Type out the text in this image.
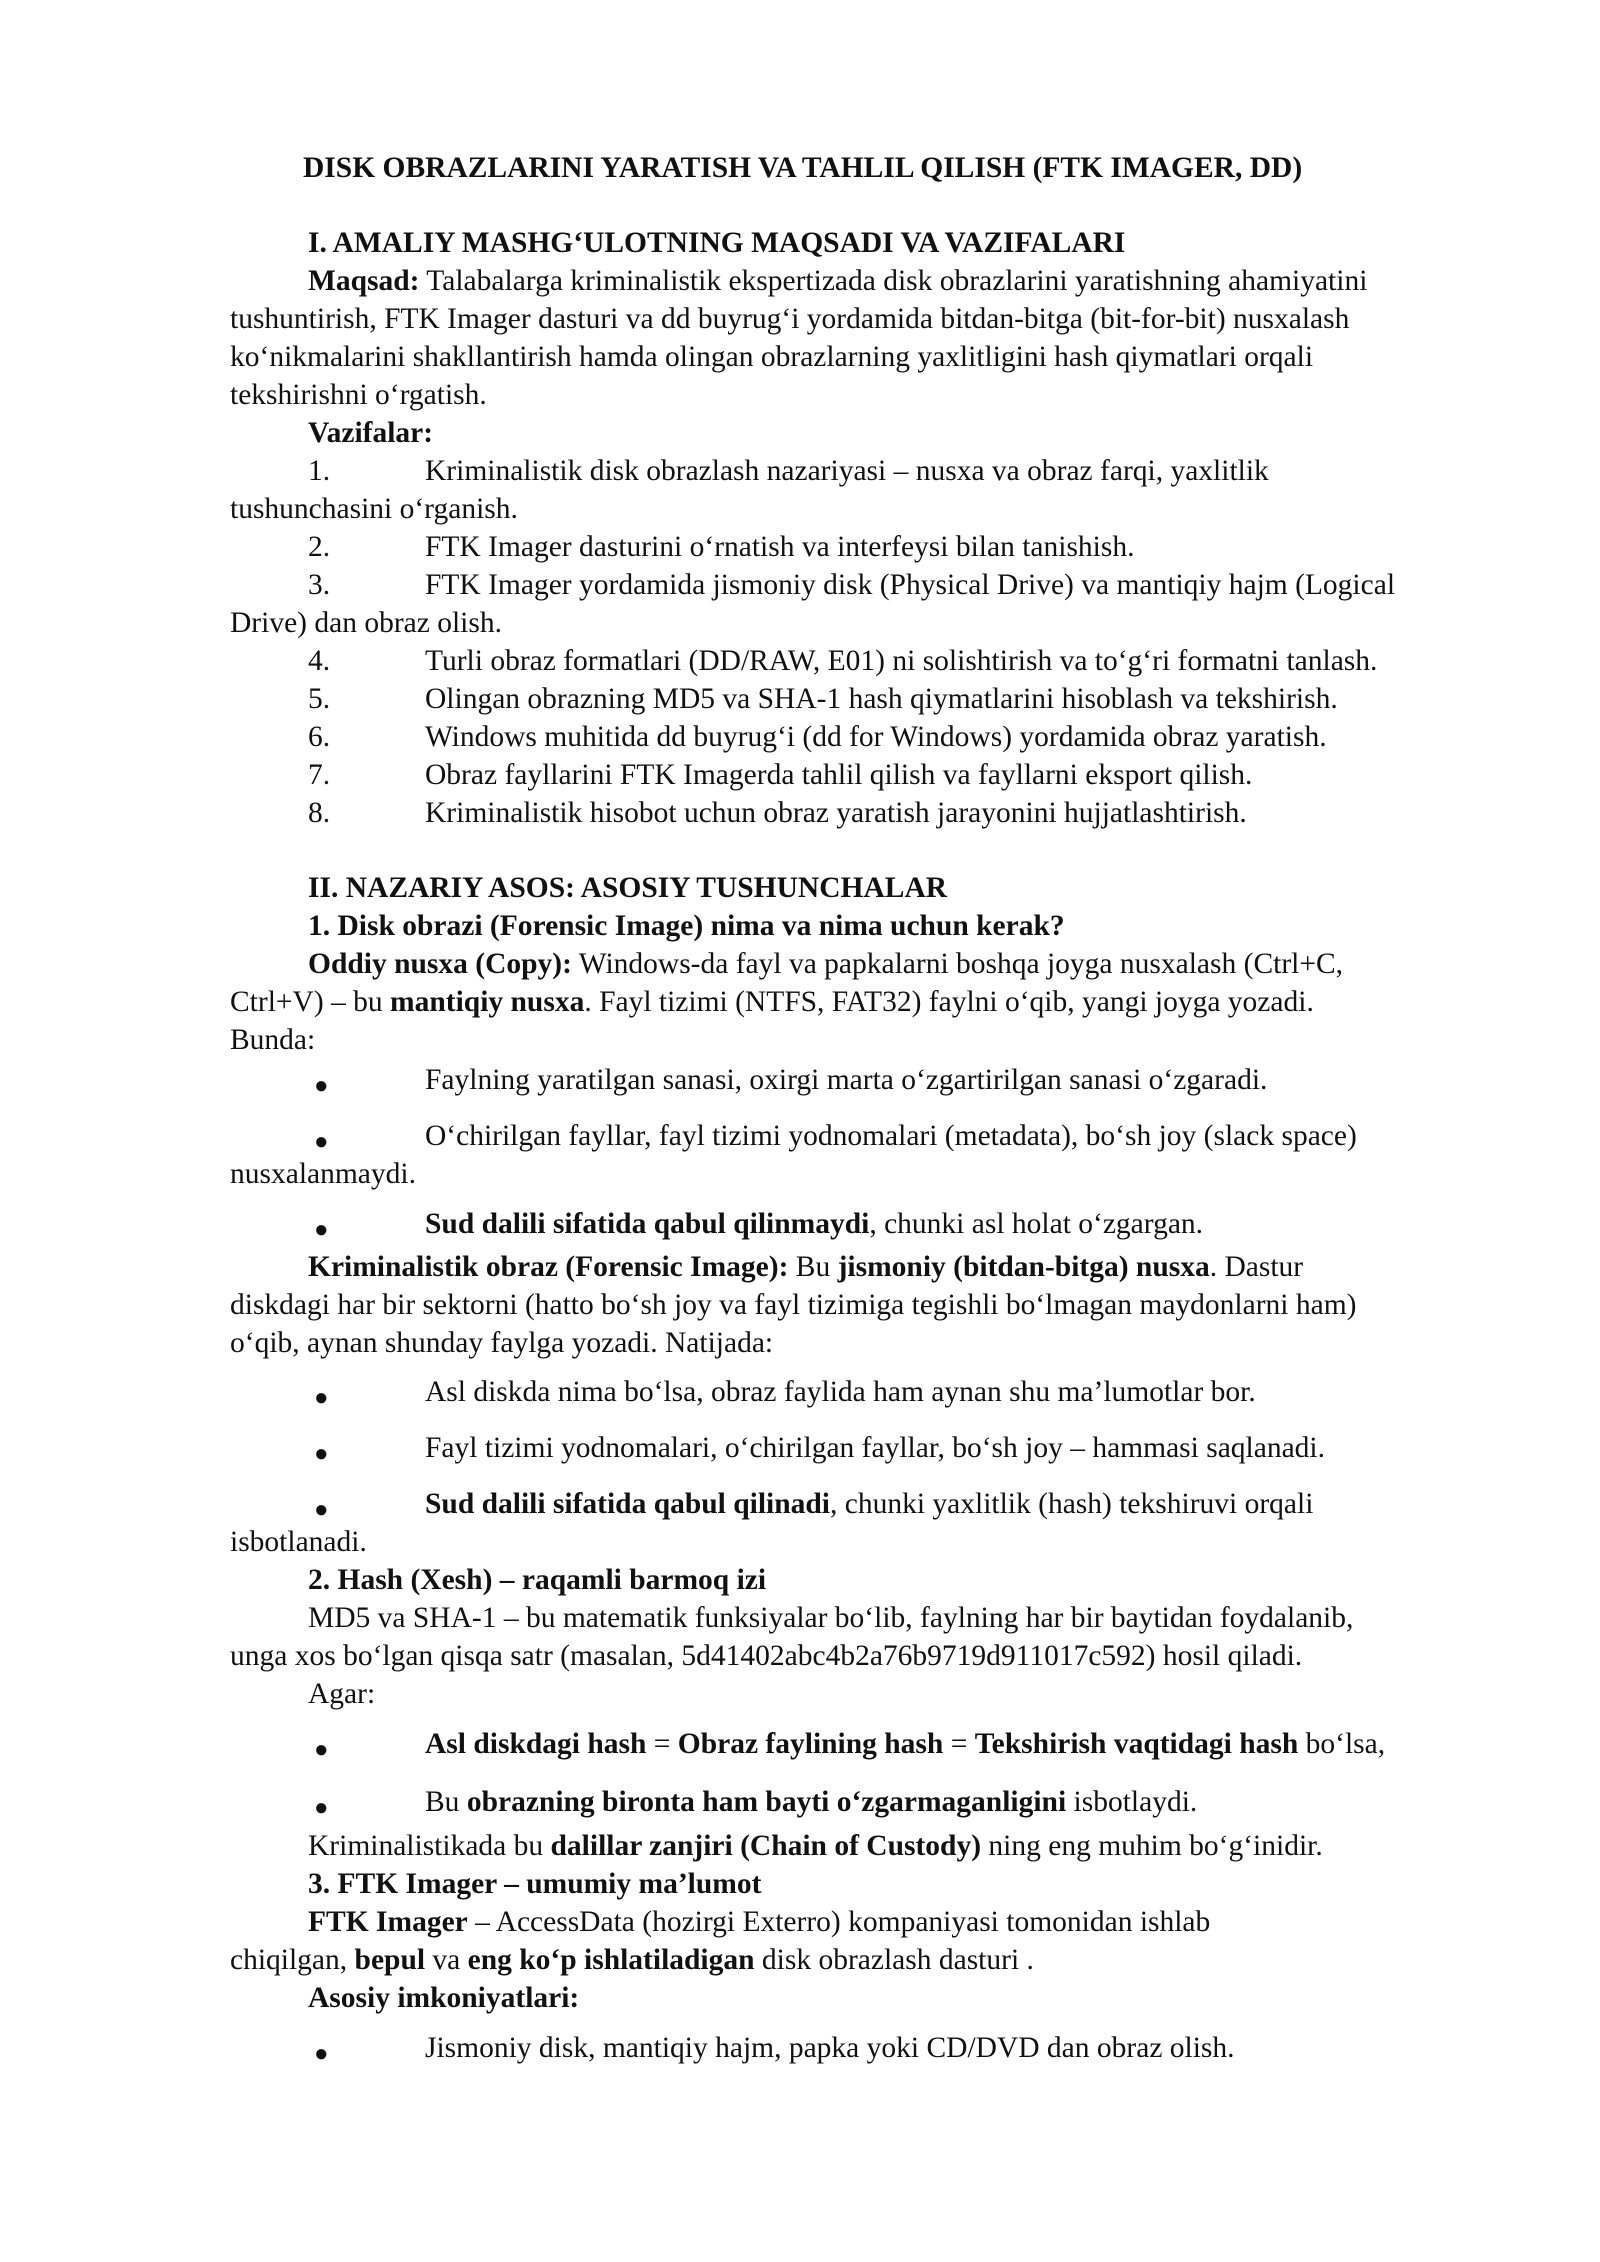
DISK OBRAZLARINI YARATISH VA TAHLIL QILISH (FTK IMAGER, DD)
I. AMALIY MASHG‘ULOTNING MAQSADI VA VAZIFALARI
Maqsad: Talabalarga kriminalistik ekspertizada disk obrazlarini yaratishning ahamiyatini
tushuntirish, FTK Imager dasturi va dd buyrug‘i yordamida bitdan-bitga (bit-for-bit) nusxalash
ko‘nikmalarini shakllantirish hamda olingan obrazlarning yaxlitligini hash qiymatlari orqali
tekshirishni o‘rgatish.
Vazifalar:
1.	Kriminalistik disk obrazlash nazariyasi – nusxa va obraz farqi, yaxlitlik
tushunchasini o‘rganish.
2.	FTK Imager dasturini o‘rnatish va interfeysi bilan tanishish.
3.	FTK Imager yordamida jismoniy disk (Physical Drive) va mantiqiy hajm (Logical
Drive) dan obraz olish.
4.	Turli obraz formatlari (DD/RAW, E01) ni solishtirish va to‘g‘ri formatni tanlash.
5.	Olingan obrazning MD5 va SHA-1 hash qiymatlarini hisoblash va tekshirish.
6.	Windows muhitida dd buyrug‘i (dd for Windows) yordamida obraz yaratish.
7.	Obraz fayllarini FTK Imagerda tahlil qilish va fayllarni eksport qilish.
8.	Kriminalistik hisobot uchun obraz yaratish jarayonini hujjatlashtirish.
II. NAZARIY ASOS: ASOSIY TUSHUNCHALAR
1. Disk obrazi (Forensic Image) nima va nima uchun kerak?
Oddiy nusxa (Copy): Windows-da fayl va papkalarni boshqa joyga nusxalash (Ctrl+C,
Ctrl+V) – bu mantiqiy nusxa. Fayl tizimi (NTFS, FAT32) faylni o‘qib, yangi joyga yozadi.
Bunda:
●	Faylning yaratilgan sanasi, oxirgi marta o‘zgartirilgan sanasi o‘zgaradi.
●	O‘chirilgan fayllar, fayl tizimi yodnomalari (metadata), bo‘sh joy (slack space)
nusxalanmaydi.
●	Sud dalili sifatida qabul qilinmaydi, chunki asl holat o‘zgargan.
Kriminalistik obraz (Forensic Image): Bu jismoniy (bitdan-bitga) nusxa. Dastur
diskdagi har bir sektorni (hatto bo‘sh joy va fayl tizimiga tegishli bo‘lmagan maydonlarni ham)
o‘qib, aynan shunday faylga yozadi. Natijada:
●	Asl diskda nima bo‘lsa, obraz faylida ham aynan shu ma’lumotlar bor.
●	Fayl tizimi yodnomalari, o‘chirilgan fayllar, bo‘sh joy – hammasi saqlanadi.
●	Sud dalili sifatida qabul qilinadi, chunki yaxlitlik (hash) tekshiruvi orqali
isbotlanadi.
2. Hash (Xesh) – raqamli barmoq izi
MD5 va SHA-1 – bu matematik funksiyalar bo‘lib, faylning har bir baytidan foydalanib,
unga xos bo‘lgan qisqa satr (masalan, 5d41402abc4b2a76b9719d911017c592) hosil qiladi.
Agar:
●	Asl diskdagi hash = Obraz faylining hash = Tekshirish vaqtidagi hash bo‘lsa,
●	Bu obrazning bironta ham bayti o‘zgarmaganligini isbotlaydi.
Kriminalistikada bu dalillar zanjiri (Chain of Custody) ning eng muhim bo‘g‘inidir.
3. FTK Imager – umumiy ma’lumot
FTK Imager – AccessData (hozirgi Exterro) kompaniyasi tomonidan ishlab
chiqilgan, bepul va eng ko‘p ishlatiladigan disk obrazlash dasturi .
Asosiy imkoniyatlari:
●	Jismoniy disk, mantiqiy hajm, papka yoki CD/DVD dan obraz olish.
